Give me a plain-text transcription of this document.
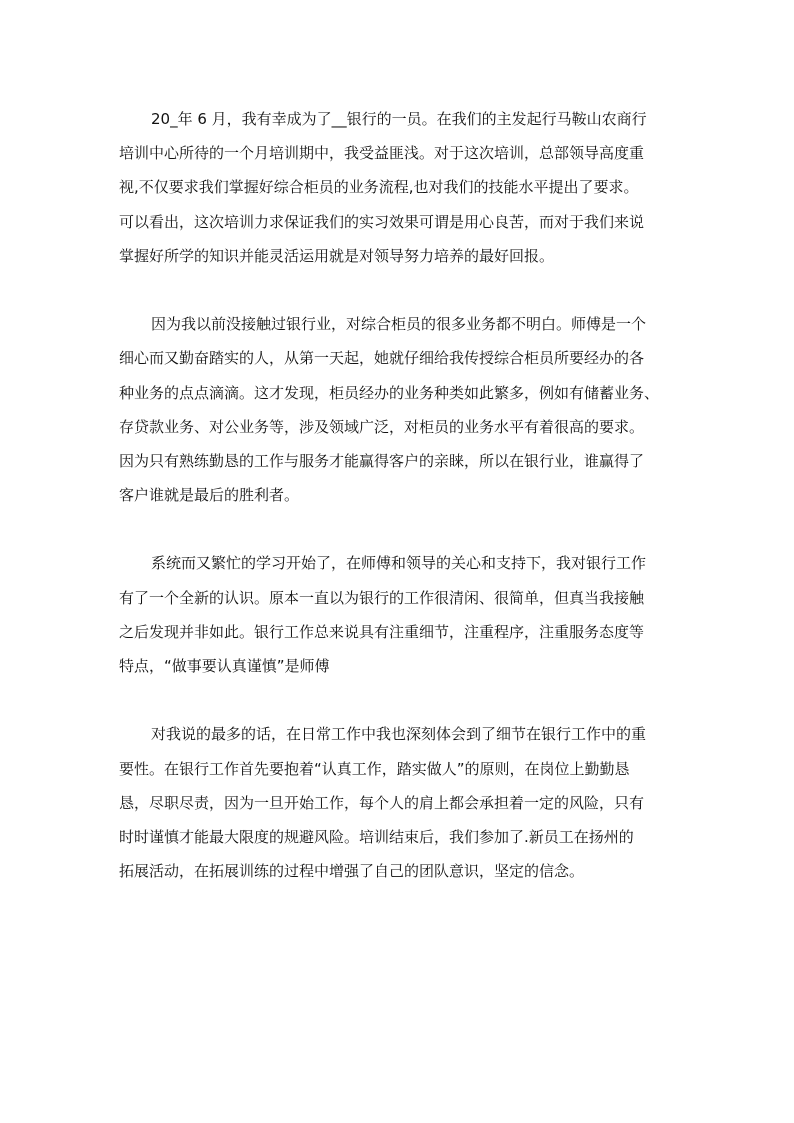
20_年 6 月，我有幸成为了__银行的一员。在我们的主发起行马鞍山农商行
培训中心所待的一个月培训期中，我受益匪浅。对于这次培训，总部领导高度重
视,不仅要求我们掌握好综合柜员的业务流程,也对我们的技能水平提出了要求。
可以看出，这次培训力求保证我们的实习效果可谓是用心良苦，而对于我们来说
掌握好所学的知识并能灵活运用就是对领导努力培养的最好回报。
因为我以前没接触过银行业，对综合柜员的很多业务都不明白。师傅是一个
细心而又勤奋踏实的人，从第一天起，她就仔细给我传授综合柜员所要经办的各
种业务的点点滴滴。这才发现，柜员经办的业务种类如此繁多，例如有储蓄业务、
存贷款业务、对公业务等，涉及领域广泛，对柜员的业务水平有着很高的要求。
因为只有熟练勤恳的工作与服务才能赢得客户的亲睐，所以在银行业，谁赢得了
客户谁就是最后的胜利者。
系统而又繁忙的学习开始了，在师傅和领导的关心和支持下，我对银行工作
有了一个全新的认识。原本一直以为银行的工作很清闲、很简单，但真当我接触
之后发现并非如此。银行工作总来说具有注重细节，注重程序，注重服务态度等
特点，“做事要认真谨慎”是师傅
对我说的最多的话，在日常工作中我也深刻体会到了细节在银行工作中的重
要性。在银行工作首先要抱着“认真工作，踏实做人”的原则，在岗位上勤勤恳
恳，尽职尽责，因为一旦开始工作，每个人的肩上都会承担着一定的风险，只有
时时谨慎才能最大限度的规避风险。培训结束后，我们参加了.新员工在扬州的
拓展活动，在拓展训练的过程中增强了自己的团队意识，坚定的信念。
